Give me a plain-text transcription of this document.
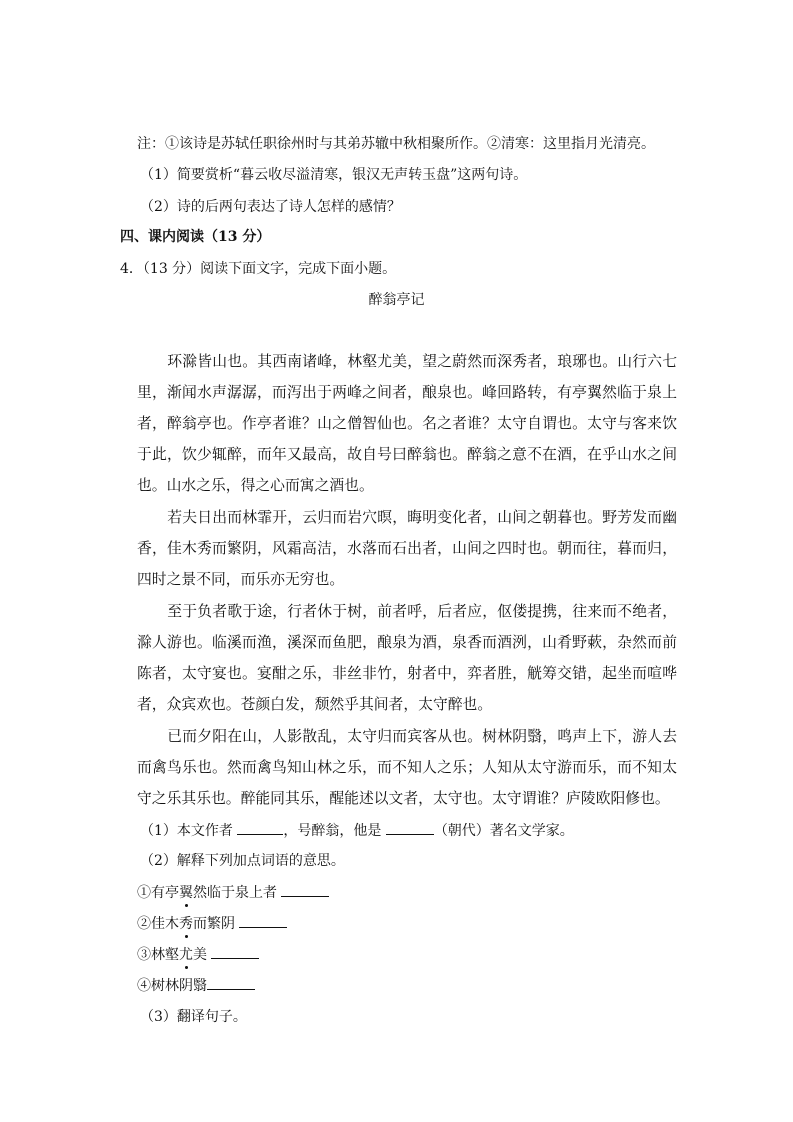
注：①该诗是苏轼任职徐州时与其弟苏辙中秋相聚所作。②清寒：这里指月光清亮。
（1）简要赏析“暮云收尽溢清寒，银汉无声转玉盘”这两句诗。
（2）诗的后两句表达了诗人怎样的感情？
四、课内阅读（13 分）
4．（13 分）阅读下面文字，完成下面小题。
醉翁亭记
环滁皆山也。其西南诸峰，林壑尤美，望之蔚然而深秀者，琅琊也。山行六七里，渐闻水声潺潺，而泻出于两峰之间者，酿泉也。峰回路转，有亭翼然临于泉上者，醉翁亭也。作亭者谁？山之僧智仙也。名之者谁？太守自谓也。太守与客来饮于此，饮少辄醉，而年又最高，故自号曰醉翁也。醉翁之意不在酒，在乎山水之间也。山水之乐，得之心而寓之酒也。
若夫日出而林霏开，云归而岩穴暝，晦明变化者，山间之朝暮也。野芳发而幽香，佳木秀而繁阴，风霜高洁，水落而石出者，山间之四时也。朝而往，暮而归，四时之景不同，而乐亦无穷也。
至于负者歌于途，行者休于树，前者呼，后者应，伛偻提携，往来而不绝者，滁人游也。临溪而渔，溪深而鱼肥，酿泉为酒，泉香而酒洌，山肴野蔌，杂然而前陈者，太守宴也。宴酣之乐，非丝非竹，射者中，弈者胜，觥筹交错，起坐而喧哗者，众宾欢也。苍颜白发，颓然乎其间者，太守醉也。
已而夕阳在山，人影散乱，太守归而宾客从也。树林阴翳，鸣声上下，游人去而禽鸟乐也。然而禽鸟知山林之乐，而不知人之乐；人知从太守游而乐，而不知太守之乐其乐也。醉能同其乐，醒能述以文者，太守也。太守谓谁？庐陵欧阳修也。
（1）本文作者	，号醉翁，他是	（朝代）著名文学家。
（2）解释下列加点词语的意思。
①有亭翼然临于泉上者
②佳木秀而繁阴
③林壑尤美
④树林阴翳
（3）翻译句子。
